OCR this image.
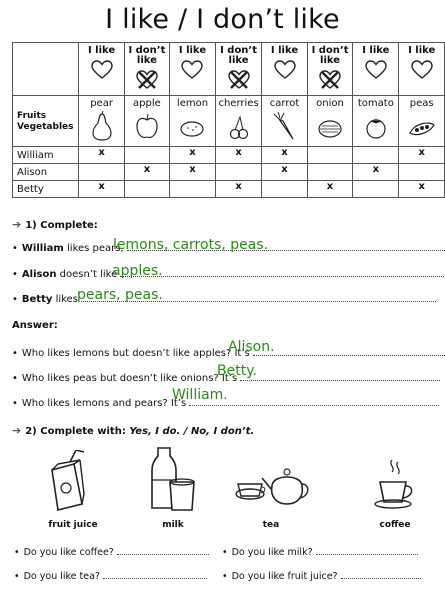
I like / I don’t like

	I like	I don’t like	I like	I don’t like	I like	I don’t like	I like	I like

Fruits
Vegetables	pear	apple	lemon	cherries	carrot	onion	tomato	peas

William	x		x	x	x			x
Alison		x	x		x		x	
Betty	x			x		x		x
➔ 1) Complete:
• William likes pears,
lemons, carrots, peas.
• Alison doesn’t like
apples.
• Betty likes pears, peas.
Answer:
• Who likes lemons but doesn’t like apples? It’s
Alison.
• Who likes peas but doesn’t like onions? It’s
Betty.
• Who likes lemons and pears? It’s
William.
➔ 2) Complete with: Yes, I do. / No, I don’t.
fruit juice	milk	tea	coffee
• Do you like coffee?	• Do you like milk?
• Do you like tea?	• Do you like fruit juice?
